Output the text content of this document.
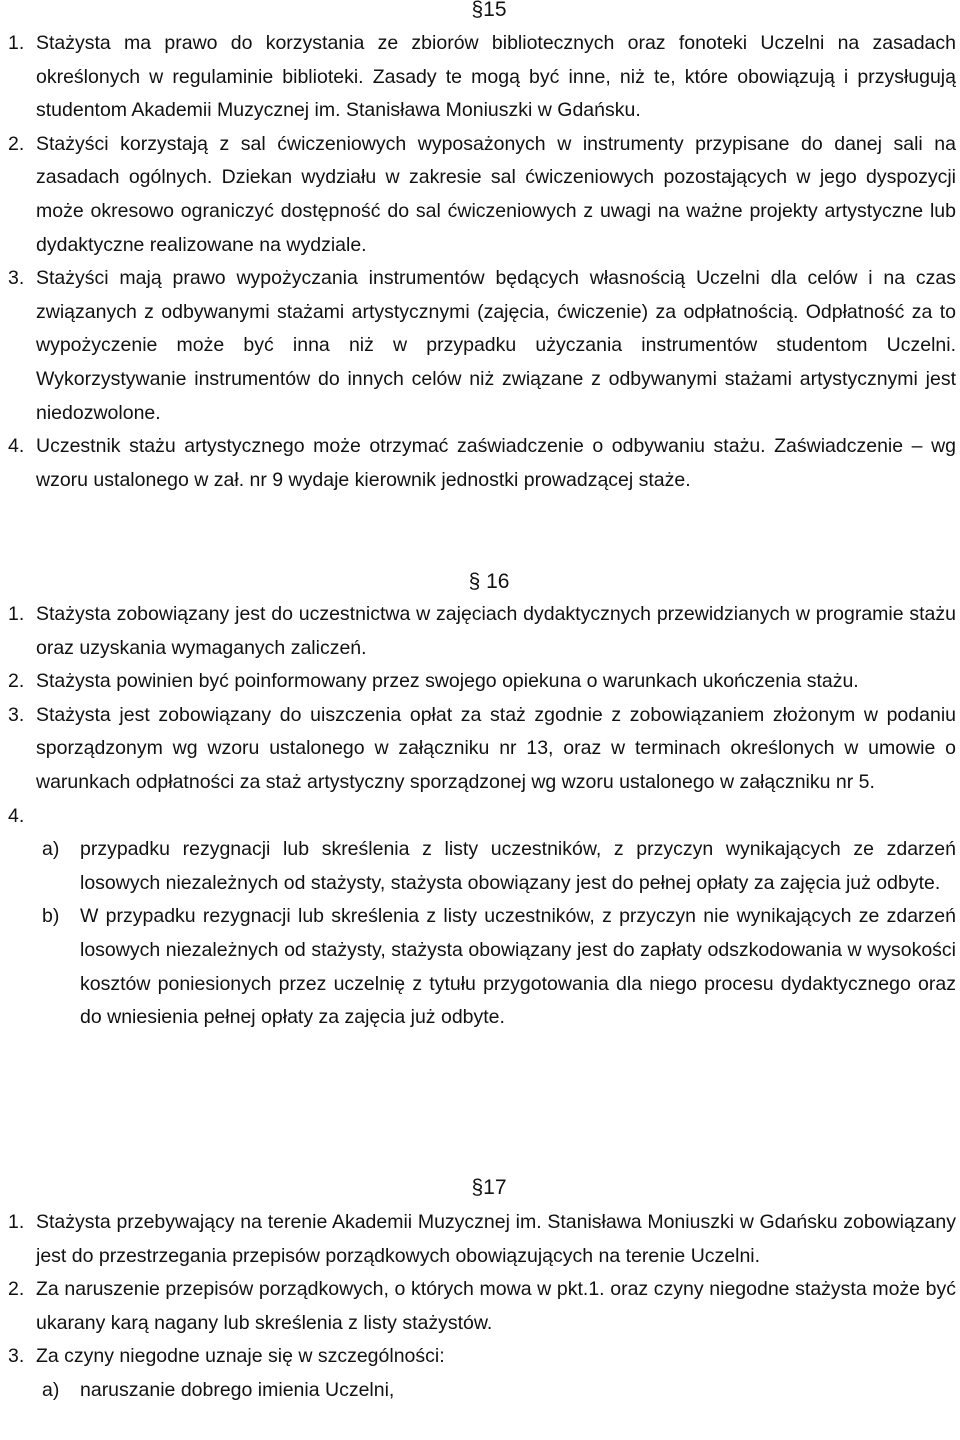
§15

1. Stażysta ma prawo do korzystania ze zbiorów bibliotecznych oraz fonoteki Uczelni na zasadach określonych w regulaminie biblioteki. Zasady te mogą być inne, niż te, które obowiązują i przysługują studentom Akademii Muzycznej im. Stanisława Moniuszki w Gdańsku.
2. Stażyści korzystają z sal ćwiczeniowych wyposażonych w instrumenty przypisane do danej sali na zasadach ogólnych. Dziekan wydziału w zakresie sal ćwiczeniowych pozostających w jego dyspozycji może okresowo ograniczyć dostępność do sal ćwiczeniowych z uwagi na ważne projekty artystyczne lub dydaktyczne realizowane na wydziale.
3. Stażyści mają prawo wypożyczania instrumentów będących własnością Uczelni dla celów i na czas związanych z odbywanymi stażami artystycznymi (zajęcia, ćwiczenie) za odpłatnością. Odpłatność za to wypożyczenie może być inna niż w przypadku użyczania instrumentów studentom Uczelni. Wykorzystywanie instrumentów do innych celów niż związane z odbywanymi stażami artystycznymi jest niedozwolone.
4. Uczestnik stażu artystycznego może otrzymać zaświadczenie o odbywaniu stażu. Zaświadczenie – wg wzoru ustalonego w zał. nr 9 wydaje kierownik jednostki prowadzącej staże.

§ 16

1. Stażysta zobowiązany jest do uczestnictwa w zajęciach dydaktycznych przewidzianych w programie stażu oraz uzyskania wymaganych zaliczeń.
2. Stażysta powinien być poinformowany przez swojego opiekuna o warunkach ukończenia stażu.
3. Stażysta jest zobowiązany do uiszczenia opłat za staż zgodnie z zobowiązaniem złożonym w podaniu sporządzonym wg wzoru ustalonego w załączniku nr 13, oraz w terminach określonych w umowie o warunkach odpłatności za staż artystyczny sporządzonej wg wzoru ustalonego w załączniku nr 5.
4.
a)	przypadku rezygnacji lub skreślenia z listy uczestników, z przyczyn wynikających ze zdarzeń losowych niezależnych od stażysty, stażysta obowiązany jest do pełnej opłaty za zajęcia już odbyte.
b)	W przypadku rezygnacji lub skreślenia z listy uczestników, z przyczyn nie wynikających ze zdarzeń losowych niezależnych od stażysty, stażysta obowiązany jest do zapłaty odszkodowania w wysokości kosztów poniesionych przez uczelnię z tytułu przygotowania dla niego procesu dydaktycznego oraz do wniesienia pełnej opłaty za zajęcia już odbyte.

§17

1. Stażysta przebywający na terenie Akademii Muzycznej im. Stanisława Moniuszki w Gdańsku zobowiązany jest do przestrzegania przepisów porządkowych obowiązujących na terenie Uczelni.
2. Za naruszenie przepisów porządkowych, o których mowa w pkt.1. oraz czyny niegodne stażysta może być ukarany karą nagany lub skreślenia z listy stażystów.
3. Za czyny niegodne uznaje się w szczególności:
a)	naruszanie dobrego imienia Uczelni,
